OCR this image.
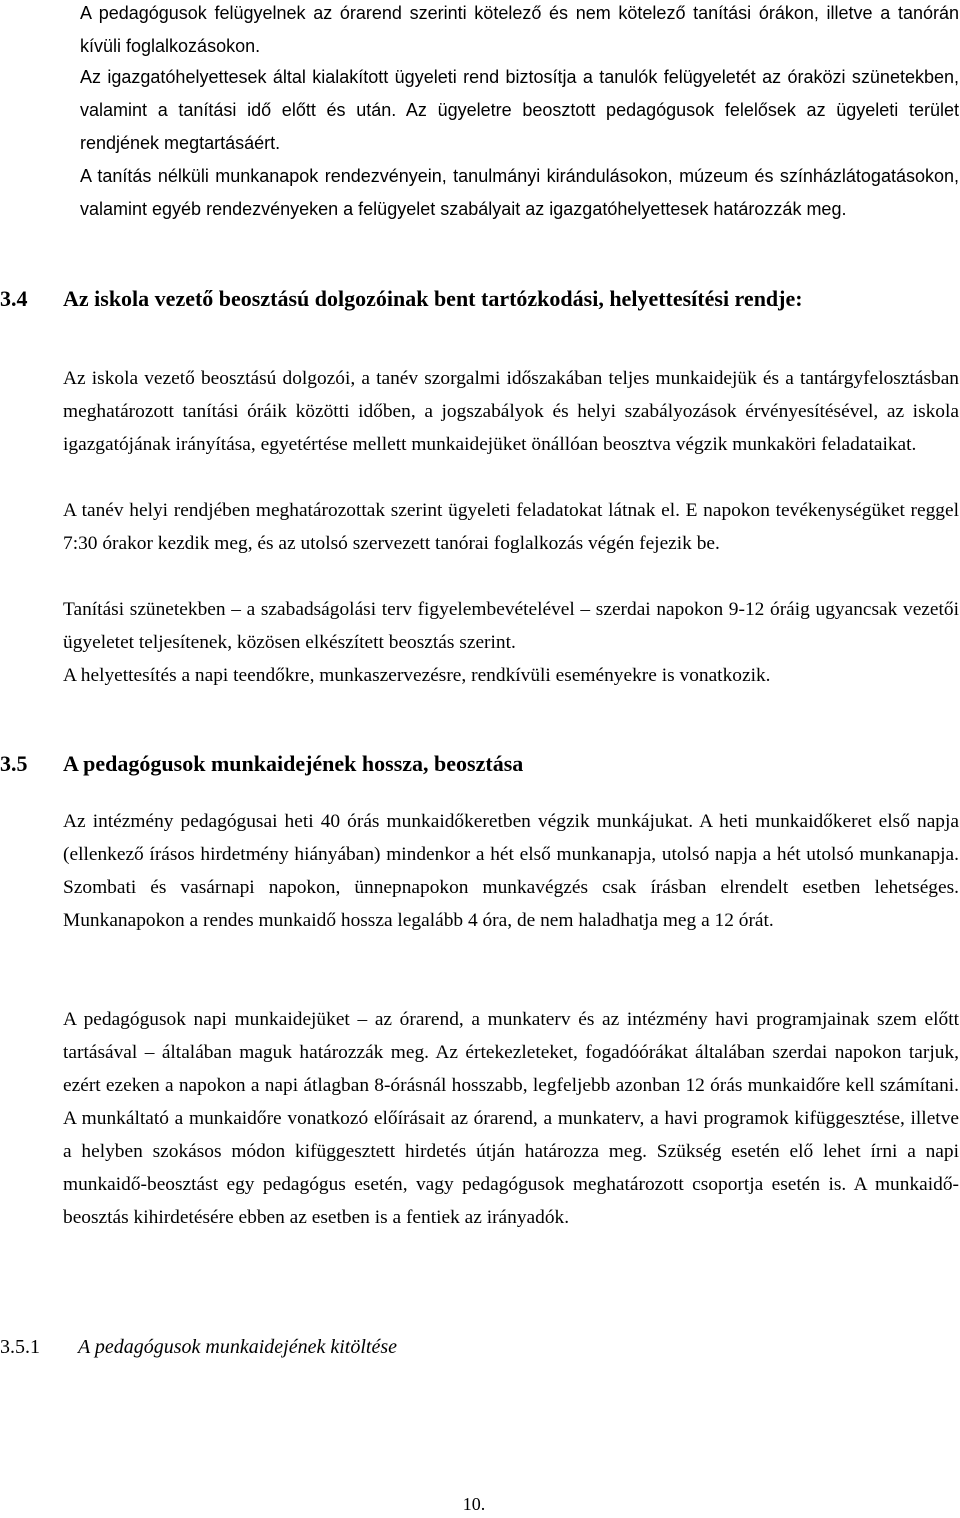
A pedagógusok felügyelnek az órarend szerinti kötelező és nem kötelező tanítási órákon, illetve a tanórán kívüli foglalkozásokon.

Az igazgatóhelyettesek által kialakított ügyeleti rend biztosítja a tanulók felügyeletét az óraközi szünetekben, valamint a tanítási idő előtt és után. Az ügyeletre beosztott pedagógusok felelősek az ügyeleti terület rendjének megtartásáért.

A tanítás nélküli munkanapok rendezvényein, tanulmányi kirándulásokon, múzeum és színházlátogatásokon, valamint egyéb rendezvényeken a felügyelet szabályait az igazgatóhelyettesek határozzák meg.

3.4 Az iskola vezető beosztású dolgozóinak bent tartózkodási, helyettesítési rendje:

Az iskola vezető beosztású dolgozói, a tanév szorgalmi időszakában teljes munkaidejük és a tantárgyfelosztásban meghatározott tanítási óráik közötti időben, a jogszabályok és helyi szabályozások érvényesítésével, az iskola igazgatójának irányítása, egyetértése mellett munkaidejüket önállóan beosztva végzik munkaköri feladataikat.

A tanév helyi rendjében meghatározottak szerint ügyeleti feladatokat látnak el. E napokon tevékenységüket reggel 7:30 órakor kezdik meg, és az utolsó szervezett tanórai foglalkozás végén fejezik be.

Tanítási szünetekben – a szabadságolási terv figyelembevételével – szerdai napokon 9-12 óráig ugyancsak vezetői ügyeletet teljesítenek, közösen elkészített beosztás szerint.

A helyettesítés a napi teendőkre, munkaszervezésre, rendkívüli eseményekre is vonatkozik.

3.5 A pedagógusok munkaidejének hossza, beosztása

Az intézmény pedagógusai heti 40 órás munkaidőkeretben végzik munkájukat. A heti munkaidőkeret első napja (ellenkező írásos hirdetmény hiányában) mindenkor a hét első munkanapja, utolsó napja a hét utolsó munkanapja. Szombati és vasárnapi napokon, ünnepnapokon munkavégzés csak írásban elrendelt esetben lehetséges. Munkanapokon a rendes munkaidő hossza legalább 4 óra, de nem haladhatja meg a 12 órát.

A pedagógusok napi munkaidejüket – az órarend, a munkaterv és az intézmény havi programjainak szem előtt tartásával – általában maguk határozzák meg. Az értekezleteket, fogadóórákat általában szerdai napokon tarjuk, ezért ezeken a napokon a napi átlagban 8-órásnál hosszabb, legfeljebb azonban 12 órás munkaidőre kell számítani. A munkáltató a munkaidőre vonatkozó előírásait az órarend, a munkaterv, a havi programok kifüggesztése, illetve a helyben szokásos módon kifüggesztett hirdetés útján határozza meg. Szükség esetén elő lehet írni a napi munkaidő-beosztást egy pedagógus esetén, vagy pedagógusok meghatározott csoportja esetén is. A munkaidő-beosztás kihirdetésére ebben az esetben is a fentiek az irányadók.

3.5.1 A pedagógusok munkaidejének kitöltése
10.
